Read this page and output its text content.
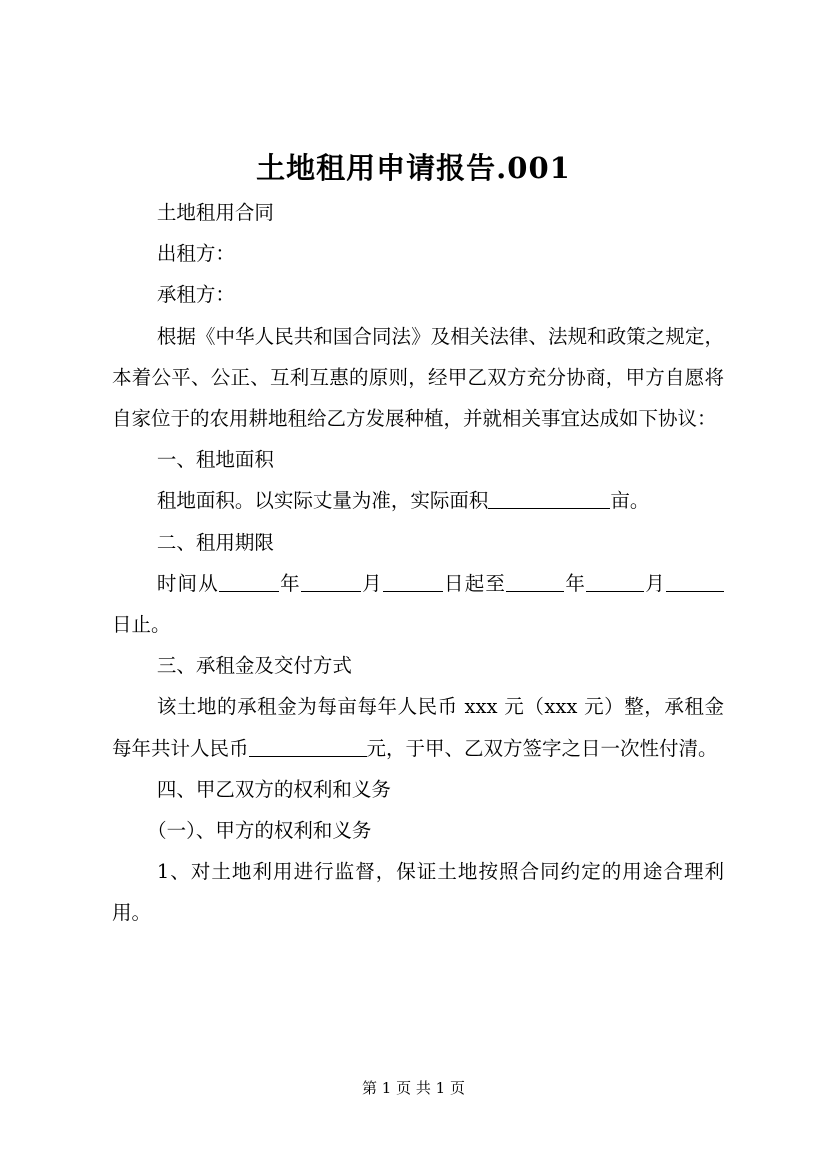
土地租用申请报告.001

土地租用合同

出租方：

承租方：

根据《中华人民共和国合同法》及相关法律、法规和政策之规定，本着公平、公正、互利互惠的原则，经甲乙双方充分协商，甲方自愿将自家位于的农用耕地租给乙方发展种植，并就相关事宜达成如下协议：

一、租地面积

租地面积。以实际丈量为准，实际面积	亩。

二、租用期限

时间从	年	月	日起至	年	月日止。

三、承租金及交付方式

该土地的承租金为每亩每年人民币 xxx 元（xxx 元）整，承租金每年共计人民币	元，于甲、乙双方签字之日一次性付清。

四、甲乙双方的权利和义务

（一）、甲方的权利和义务

1、对土地利用进行监督，保证土地按照合同约定的用途合理利用。

第 1 页 共 1 页
